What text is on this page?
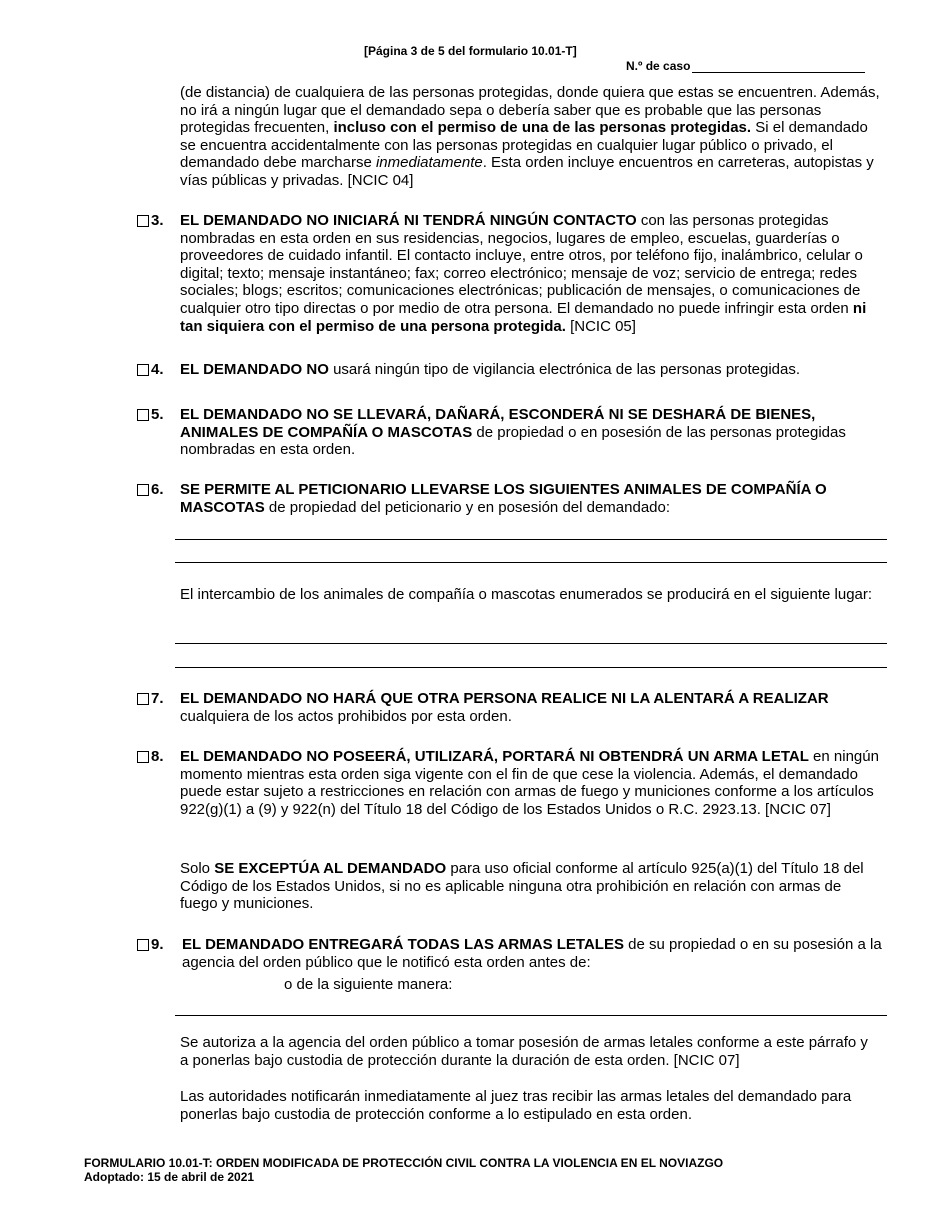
[Página 3 de 5 del formulario 10.01-T]
N.º de caso
(de distancia) de cualquiera de las personas protegidas, donde quiera que estas se encuentren. Además, no irá a ningún lugar que el demandado sepa o debería saber que es probable que las personas protegidas frecuenten, incluso con el permiso de una de las personas protegidas. Si el demandado se encuentra accidentalmente con las personas protegidas en cualquier lugar público o privado, el demandado debe marcharse inmediatamente. Esta orden incluye encuentros en carreteras, autopistas y vías públicas y privadas. [NCIC 04]
3. EL DEMANDADO NO INICIARÁ NI TENDRÁ NINGÚN CONTACTO con las personas protegidas nombradas en esta orden en sus residencias, negocios, lugares de empleo, escuelas, guarderías o proveedores de cuidado infantil. El contacto incluye, entre otros, por teléfono fijo, inalámbrico, celular o digital; texto; mensaje instantáneo; fax; correo electrónico; mensaje de voz; servicio de entrega; redes sociales; blogs; escritos; comunicaciones electrónicas; publicación de mensajes, o comunicaciones de cualquier otro tipo directas o por medio de otra persona. El demandado no puede infringir esta orden ni tan siquiera con el permiso de una persona protegida. [NCIC 05]
4. EL DEMANDADO NO usará ningún tipo de vigilancia electrónica de las personas protegidas.
5. EL DEMANDADO NO SE LLEVARÁ, DAÑARÁ, ESCONDERÁ NI SE DESHARÁ DE BIENES, ANIMALES DE COMPAÑÍA O MASCOTAS de propiedad o en posesión de las personas protegidas nombradas en esta orden.
6. SE PERMITE AL PETICIONARIO LLEVARSE LOS SIGUIENTES ANIMALES DE COMPAÑÍA O MASCOTAS de propiedad del peticionario y en posesión del demandado:
El intercambio de los animales de compañía o mascotas enumerados se producirá en el siguiente lugar:
7. EL DEMANDADO NO HARÁ QUE OTRA PERSONA REALICE NI LA ALENTARÁ A REALIZAR cualquiera de los actos prohibidos por esta orden.
8. EL DEMANDADO NO POSEERÁ, UTILIZARÁ, PORTARÁ NI OBTENDRÁ UN ARMA LETAL en ningún momento mientras esta orden siga vigente con el fin de que cese la violencia. Además, el demandado puede estar sujeto a restricciones en relación con armas de fuego y municiones conforme a los artículos 922(g)(1) a (9) y 922(n) del Título 18 del Código de los Estados Unidos o R.C. 2923.13. [NCIC 07]
Solo SE EXCEPTÚA AL DEMANDADO para uso oficial conforme al artículo 925(a)(1) del Título 18 del Código de los Estados Unidos, si no es aplicable ninguna otra prohibición en relación con armas de fuego y municiones.
9. EL DEMANDADO ENTREGARÁ TODAS LAS ARMAS LETALES de su propiedad o en su posesión a la agencia del orden público que le notificó esta orden antes de:
o de la siguiente manera:
Se autoriza a la agencia del orden público a tomar posesión de armas letales conforme a este párrafo y a ponerlas bajo custodia de protección durante la duración de esta orden. [NCIC 07]
Las autoridades notificarán inmediatamente al juez tras recibir las armas letales del demandado para ponerlas bajo custodia de protección conforme a lo estipulado en esta orden.
FORMULARIO 10.01-T: ORDEN MODIFICADA DE PROTECCIÓN CIVIL CONTRA LA VIOLENCIA EN EL NOVIAZGO
Adoptado: 15 de abril de 2021
